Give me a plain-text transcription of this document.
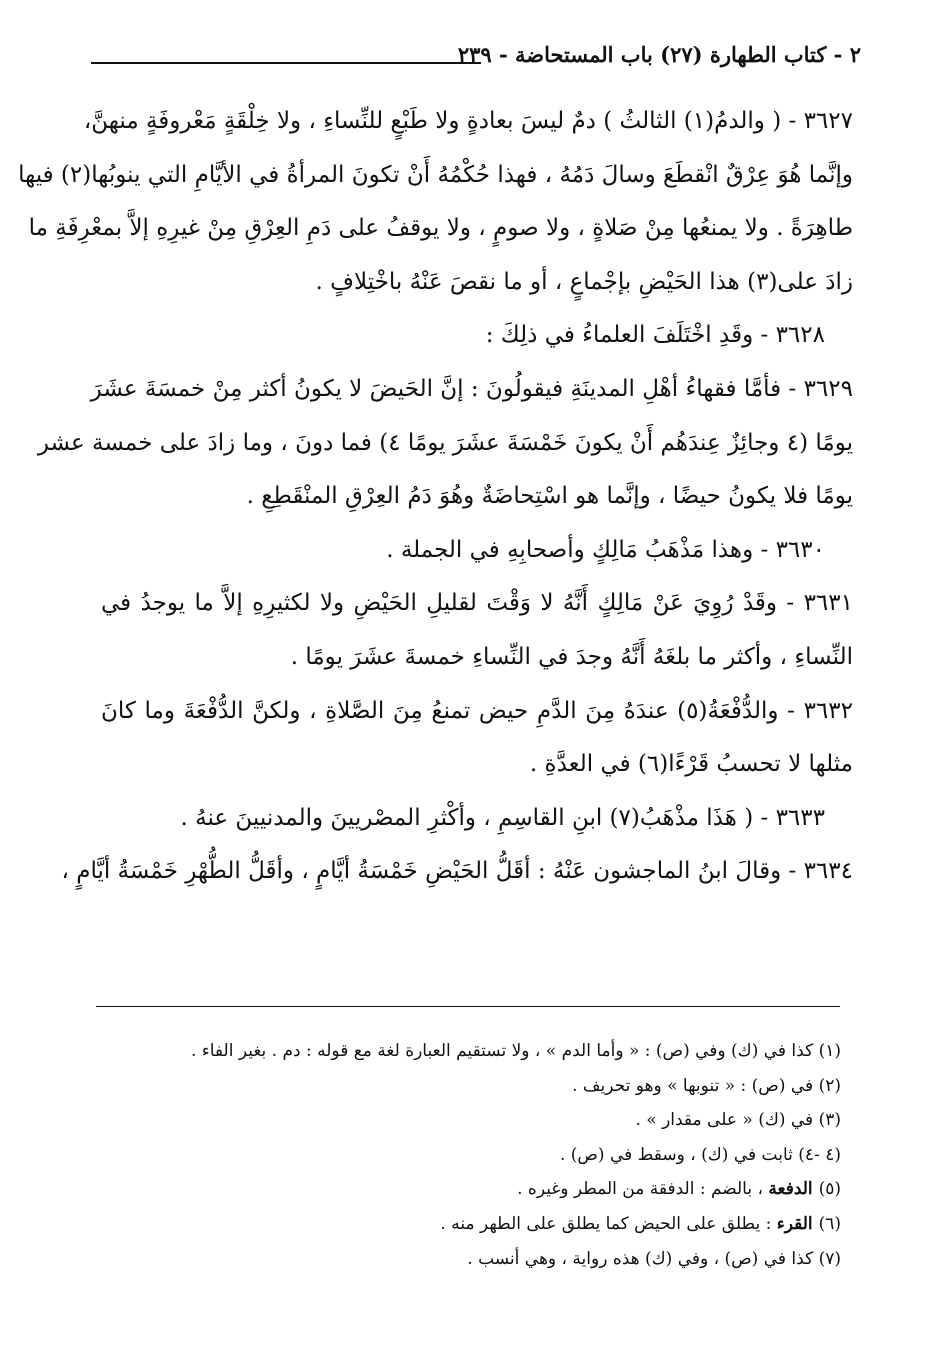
٢ - كتاب الطهارة (٢٧) باب المستحاضة - ٢٣٩
٣٦٢٧ - ( والدمُ(١) الثالثُ ) دمٌ ليسَ بعادةٍ ولا طَبْعٍ للنِّساءِ ، ولا خِلْقَةٍ مَعْروفَةٍ منهنَّ،
وإنَّما هُوَ عِرْقٌ انْقطَعَ وسالَ دَمُهُ ، فهذا حُكْمُهُ أَنْ تكونَ المرأةُ في الأيَّامِ التي ينوبُها(٢) فيها
طاهِرَةً . ولا يمنعُها مِنْ صَلاةٍ ، ولا صومٍ ، ولا يوقفُ على دَمِ العِرْقِ مِنْ غيرِهِ إلاَّ بمعْرِفَةِ ما
زادَ على(٣) هذا الحَيْضِ بإجْماعٍ ، أو ما نقصَ عَنْهُ باخْتِلافٍ .
٣٦٢٨ - وقَدِ اخْتَلَفَ العلماءُ في ذلِكَ :
٣٦٢٩ - فأمَّا فقهاءُ أهْلِ المدينَةِ فيقولُونَ : إنَّ الحَيضَ لا يكونُ أكثر مِنْ خمسَةَ عشَرَ
يومًا (٤ وجائِزٌ عِندَهُم أَنْ يكونَ خَمْسَةَ عشَرَ يومًا ٤) فما دونَ ، وما زادَ على خمسة عشر
يومًا فلا يكونُ حيضًا ، وإنَّما هو اسْتِحاضَةٌ وهُوَ دَمُ العِرْقِ المنْقَطِعِ .
٣٦٣٠ - وهذا مَذْهَبُ مَالِكٍ وأصحابِهِ في الجملة .
٣٦٣١ - وقَدْ رُوِيَ عَنْ مَالِكٍ أَنَّهُ لا وَقْتَ لقليلِ الحَيْضِ ولا لكثيرِهِ إلاَّ ما يوجدُ في
النِّساءِ ، وأكثر ما بلغَهُ أَنَّهُ وجدَ في النِّساءِ خمسةَ عشَرَ يومًا .
٣٦٣٢ - والدُّفْعَةُ(٥) عندَهُ مِنَ الدَّمِ حيض تمنعُ مِنَ الصَّلاةِ ، ولكنَّ الدُّفْعَةَ وما كانَ
مثلها لا تحسبُ قَرْءًا(٦) في العدَّةِ .
٣٦٣٣ - ( هَذَا مذْهَبُ(٧) ابنِ القاسِمِ ، وأكْثرِ المصْريينَ والمدنيينَ عنهُ .
٣٦٣٤ - وقالَ ابنُ الماجشون عَنْهُ : أقَلُّ الحَيْضِ خَمْسَةُ أيَّامٍ ، وأقَلُّ الطُّهْرِ خَمْسَةُ أيَّامٍ ،
(١) كذا في (ك) وفي (ص) : « وأما الدم » ، ولا تستقيم العبارة لغة مع قوله : دم . بغير الفاء .
(٢) في (ص) : « تنوبها » وهو تحريف .
(٣) في (ك) « على مقدار » .
(٤ -٤) ثابت في (ك) ، وسقط في (ص) .
(٥) الدفعة ، بالضم : الدفقة من المطر وغيره .
(٦) القرء : يطلق على الحيض كما يطلق على الطهر منه .
(٧) كذا في (ص) ، وفي (ك) هذه رواية ، وهي أنسب .
